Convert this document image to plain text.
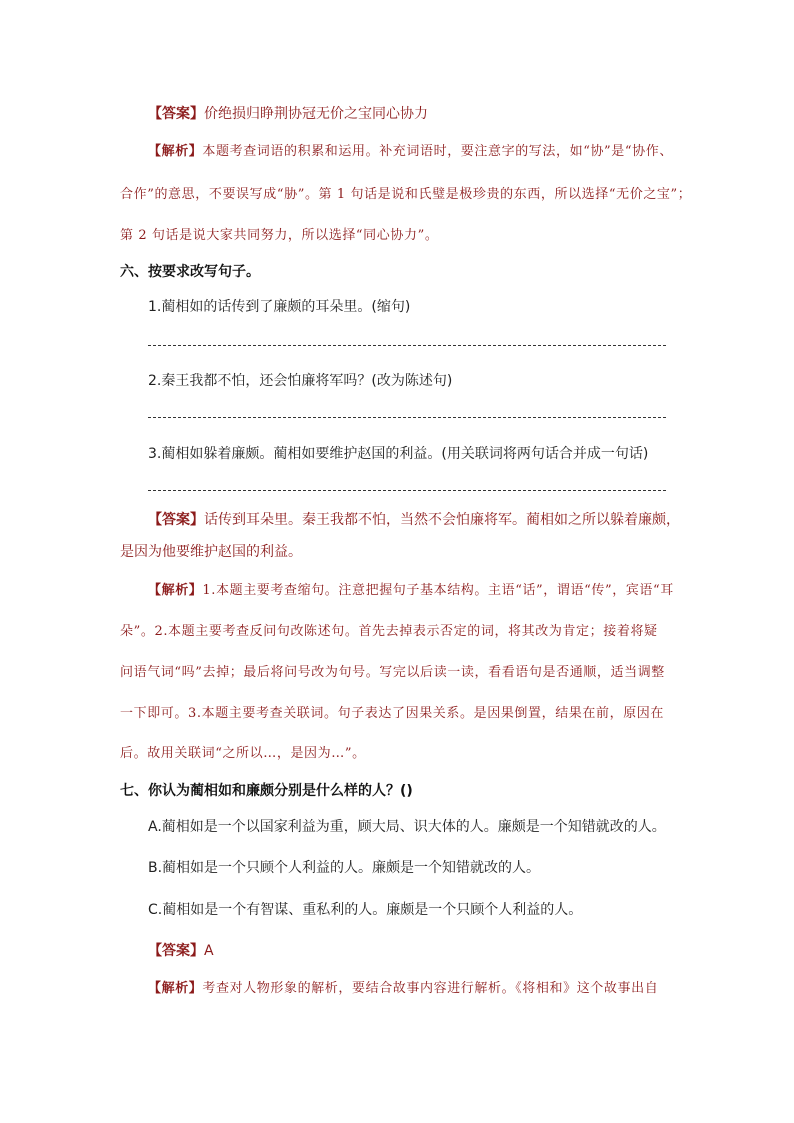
【答案】价绝损归睁荆协冠无价之宝同心协力
【解析】本题考查词语的积累和运用。补充词语时，要注意字的写法，如“协”是“协作、
合作”的意思，不要误写成“胁”。第 1 句话是说和氏璧是极珍贵的东西，所以选择“无价之宝”；
第 2 句话是说大家共同努力，所以选择“同心协力”。
六、按要求改写句子。
1.蔺相如的话传到了廉颇的耳朵里。(缩句)
2.秦王我都不怕，还会怕廉将军吗？(改为陈述句)
3.蔺相如躲着廉颇。蔺相如要维护赵国的利益。(用关联词将两句话合并成一句话)
【答案】话传到耳朵里。秦王我都不怕，当然不会怕廉将军。蔺相如之所以躲着廉颇，
是因为他要维护赵国的利益。
【解析】1.本题主要考查缩句。注意把握句子基本结构。主语“话”，谓语“传”，宾语“耳
朵”。2.本题主要考查反问句改陈述句。首先去掉表示否定的词，将其改为肯定；接着将疑
问语气词“吗”去掉；最后将问号改为句号。写完以后读一读，看看语句是否通顺，适当调整
一下即可。3.本题主要考查关联词。句子表达了因果关系。是因果倒置，结果在前，原因在
后。故用关联词“之所以…，是因为…”。
七、你认为蔺相如和廉颇分别是什么样的人？()
A.蔺相如是一个以国家利益为重，顾大局、识大体的人。廉颇是一个知错就改的人。
B.蔺相如是一个只顾个人利益的人。廉颇是一个知错就改的人。
C.蔺相如是一个有智谋、重私利的人。廉颇是一个只顾个人利益的人。
【答案】A
【解析】考查对人物形象的解析，要结合故事内容进行解析。《将相和》这个故事出自
